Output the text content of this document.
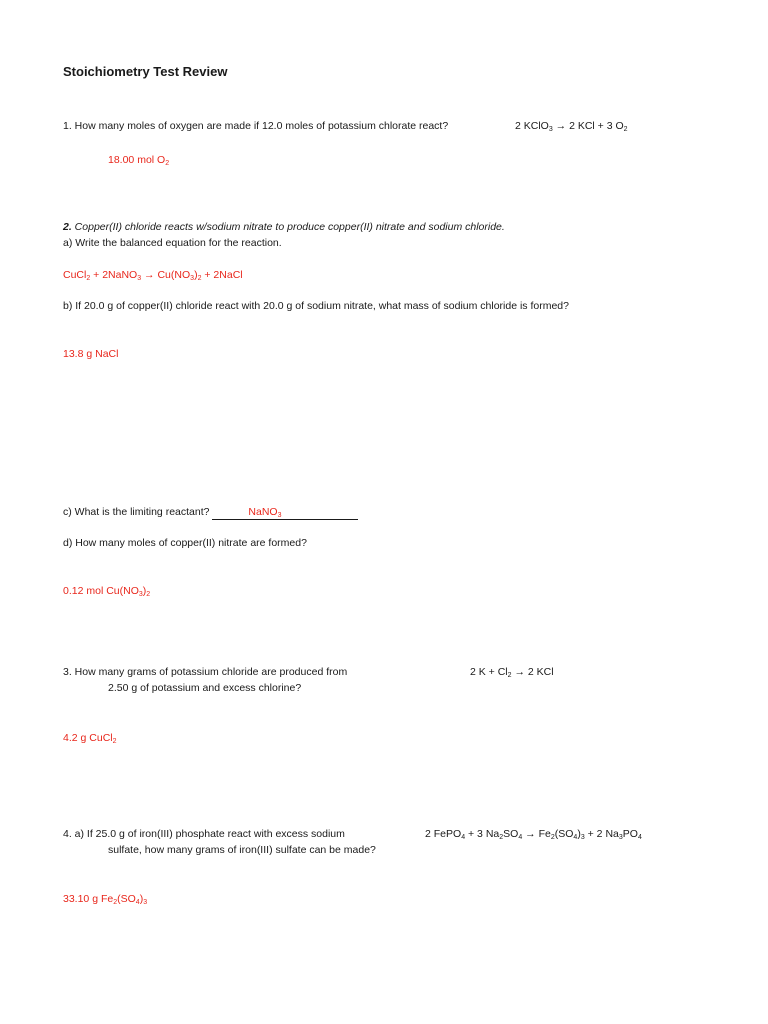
Stoichiometry Test Review
1. How many moles of oxygen are made if 12.0 moles of potassium chlorate react?	2 KClO$_3$ → 2 KCl + 3 $O_2$
18.00 mol $O_2$
2. Copper(II) chloride reacts w/sodium nitrate to produce copper(II) nitrate and sodium chloride.
a) Write the balanced equation for the reaction.
CuCl$_2$ + 2NaNO$_3$ → $Cu(NO_3)_2$ + 2NaCl
b) If 20.0 g of copper(II) chloride react with 20.0 g of sodium nitrate, what mass of sodium chloride is formed?
13.8 g NaCl
c) What is the limiting reactant?	NaNO$_3$
d) How many moles of copper(II) nitrate are formed?
0.12 mol $Cu(NO_3)_2$
3. How many grams of potassium chloride are produced from
2.50 g of potassium and excess chlorine?
2 $K + Cl_2 \to 2$ KCl
4.2 g CuCl$_2$
4. a) If 25.0 g of iron(III) phosphate react with excess sodium
sulfate, how many grams of iron(III) sulfate can be made?
2 FePO$_4$ + 3 $Na_2SO_4 \to Fe_2(SO_4)_3 + 2$ $Na_3PO_4$
33.10 g $Fe_2(SO_4)_3$
